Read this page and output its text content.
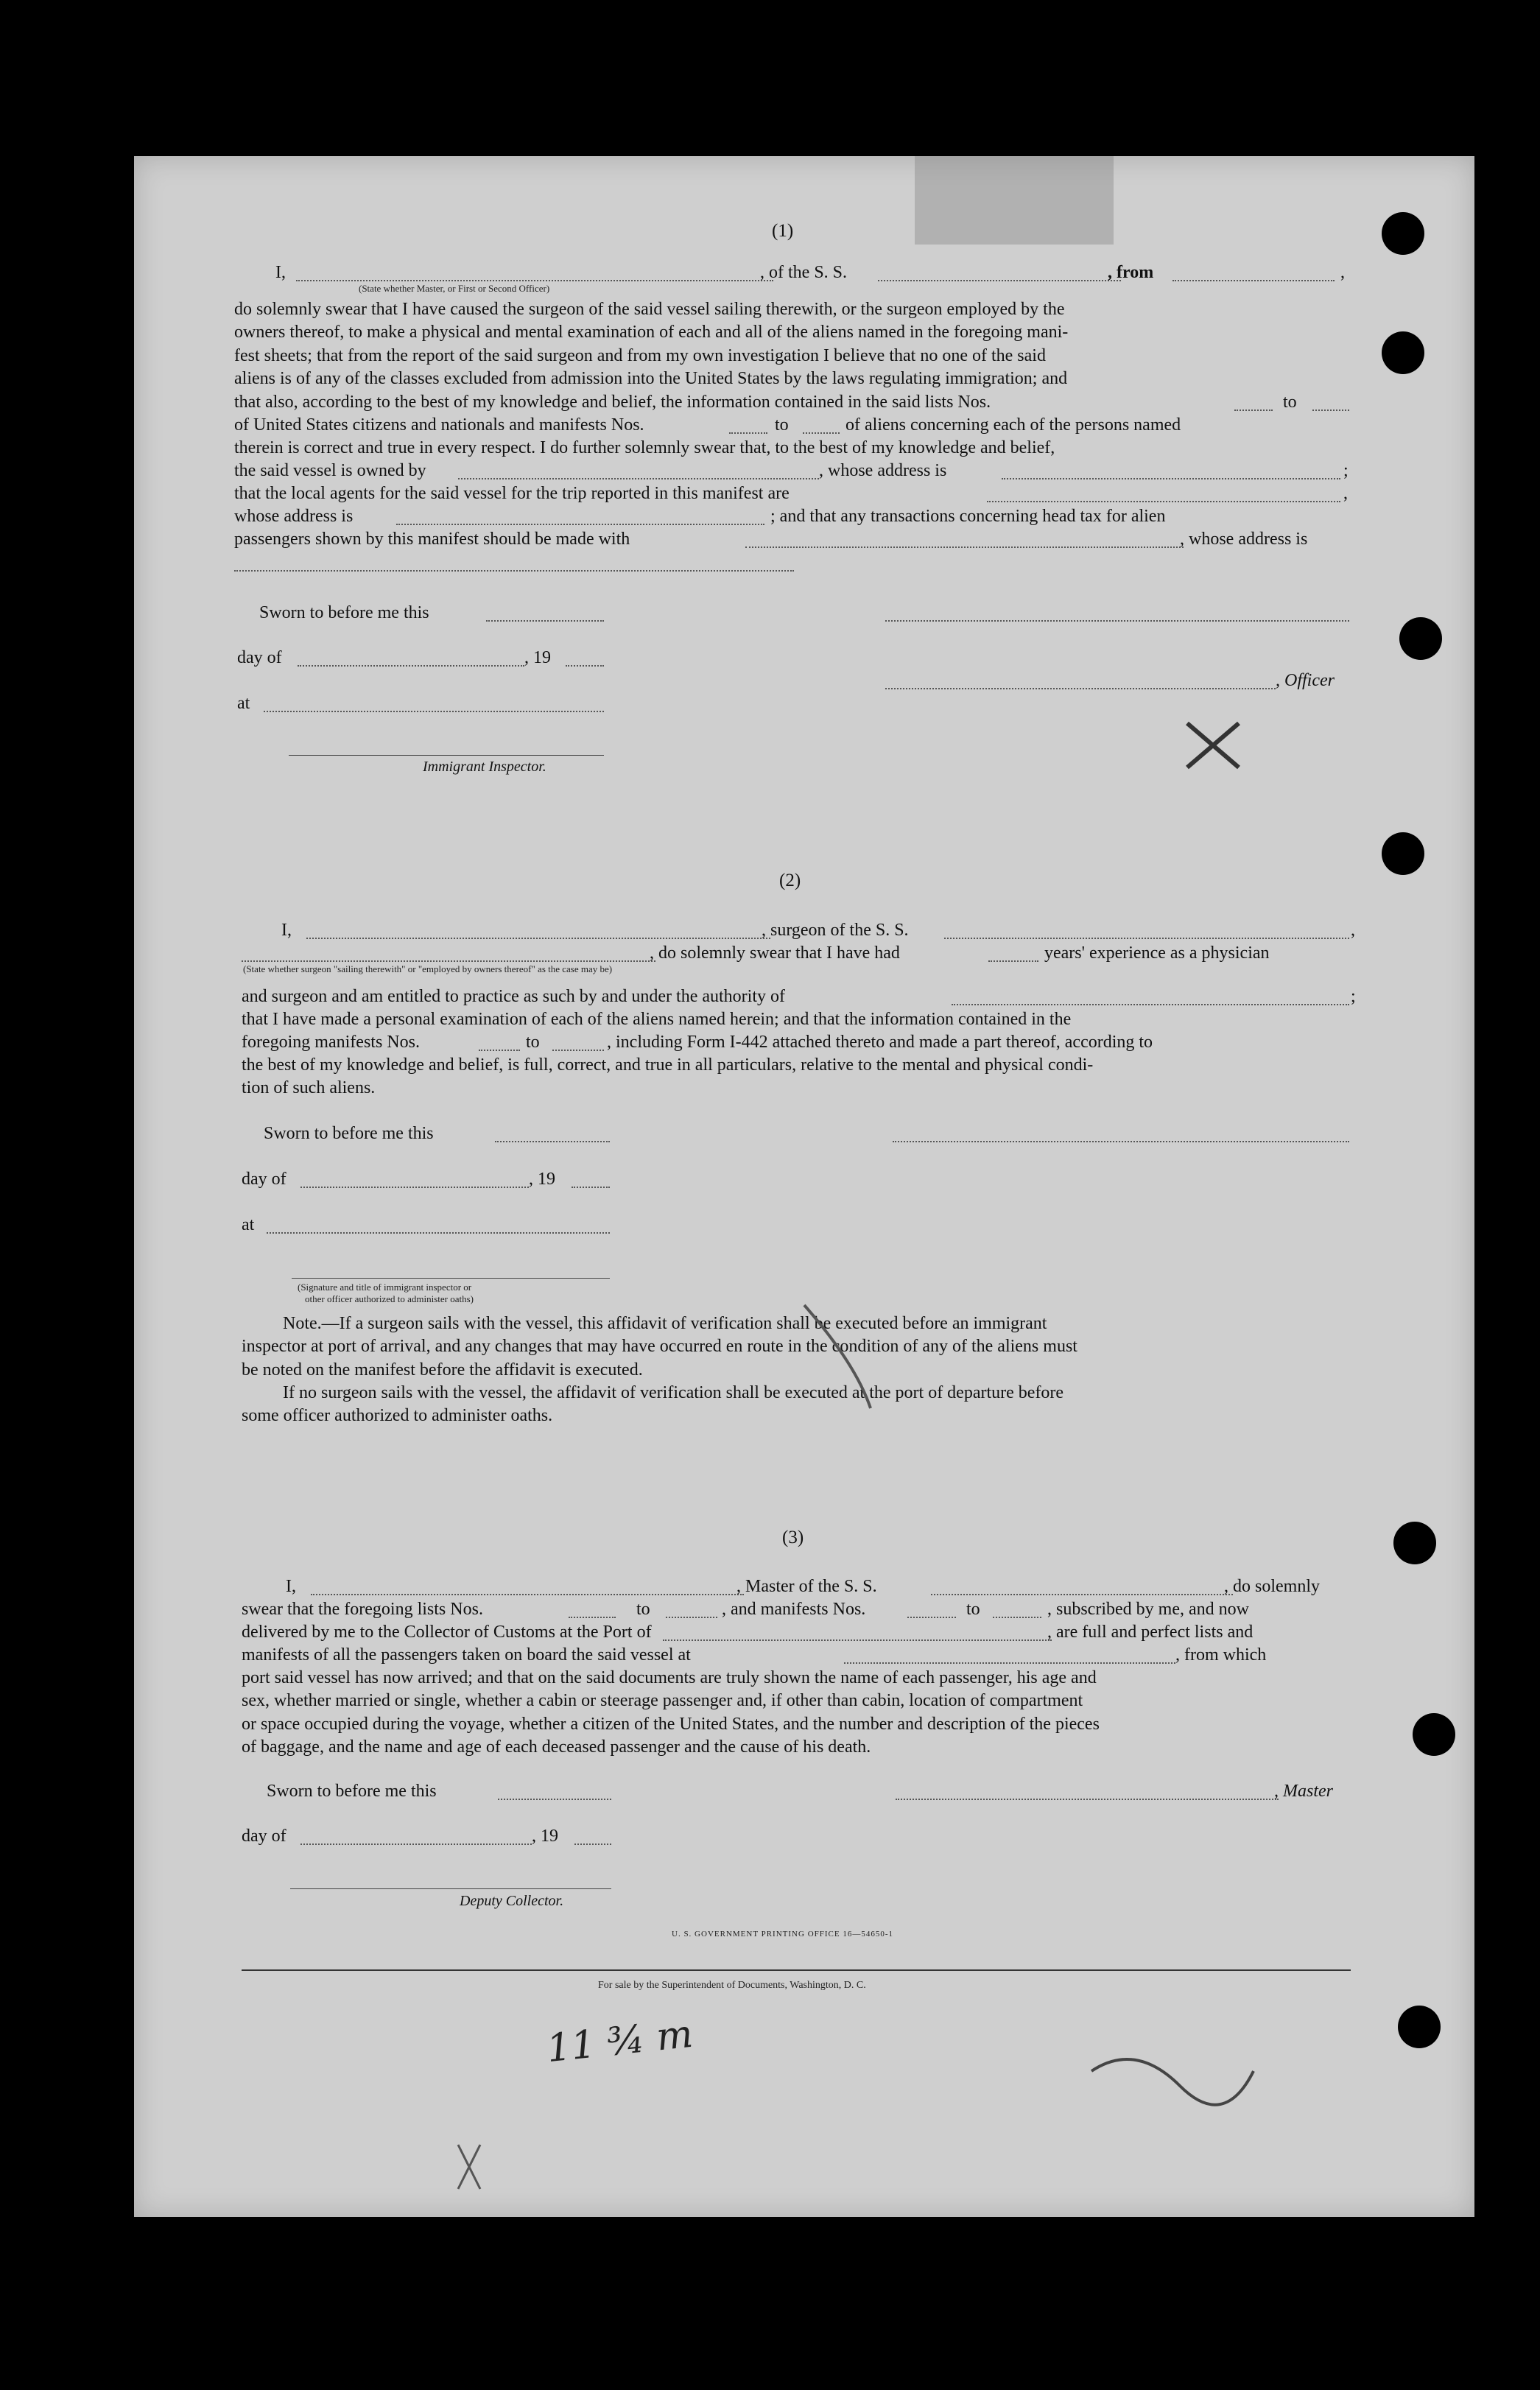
(1)
I,	, of the S. S.	, from	,
(State whether Master, or First or Second Officer)
do solemnly swear that I have caused the surgeon of the said vessel sailing therewith, or the surgeon employed by the
owners thereof, to make a physical and mental examination of each and all of the aliens named in the foregoing mani-
fest sheets; that from the report of the said surgeon and from my own investigation I believe that no one of the said
aliens is of any of the classes excluded from admission into the United States by the laws regulating immigration; and
that also, according to the best of my knowledge and belief, the information contained in the said lists Nos.	to
of United States citizens and nationals and manifests Nos.	to	of aliens concerning each of the persons named
therein is correct and true in every respect. I do further solemnly swear that, to the best of my knowledge and belief,
the said vessel is owned by	, whose address is	;
that the local agents for the said vessel for the trip reported in this manifest are	,
whose address is	; and that any transactions concerning head tax for alien
passengers shown by this manifest should be made with	, whose address is
Sworn to before me this
day of	, 19
, Officer
at
Immigrant Inspector.
(2)
I,	, surgeon of the S. S.	,
, do solemnly swear that I have had	years' experience as a physician
(State whether surgeon "sailing therewith" or "employed by owners thereof" as the case may be)
and surgeon and am entitled to practice as such by and under the authority of	;
that I have made a personal examination of each of the aliens named herein; and that the information contained in the
foregoing manifests Nos.	to	, including Form I-442 attached thereto and made a part thereof, according to
the best of my knowledge and belief, is full, correct, and true in all particulars, relative to the mental and physical condi-
tion of such aliens.
Sworn to before me this
day of	, 19
at
(Signature and title of immigrant inspector or
other officer authorized to administer oaths)
Note.—If a surgeon sails with the vessel, this affidavit of verification shall be executed before an immigrant
inspector at port of arrival, and any changes that may have occurred en route in the condition of any of the aliens must
be noted on the manifest before the affidavit is executed.
If no surgeon sails with the vessel, the affidavit of verification shall be executed at the port of departure before
some officer authorized to administer oaths.
(3)
I,	, Master of the S. S.	, do solemnly
swear that the foregoing lists Nos.	to	, and manifests Nos.	to	, subscribed by me, and now
delivered by me to the Collector of Customs at the Port of	, are full and perfect lists and
manifests of all the passengers taken on board the said vessel at	, from which
port said vessel has now arrived; and that on the said documents are truly shown the name of each passenger, his age and
sex, whether married or single, whether a cabin or steerage passenger and, if other than cabin, location of compartment
or space occupied during the voyage, whether a citizen of the United States, and the number and description of the pieces
of baggage, and the name and age of each deceased passenger and the cause of his death.
Sworn to before me this	, Master
day of	, 19
Deputy Collector.
U. S. GOVERNMENT PRINTING OFFICE 16—54650-1
For sale by the Superintendent of Documents, Washington, D. C.
11 ¾ m
